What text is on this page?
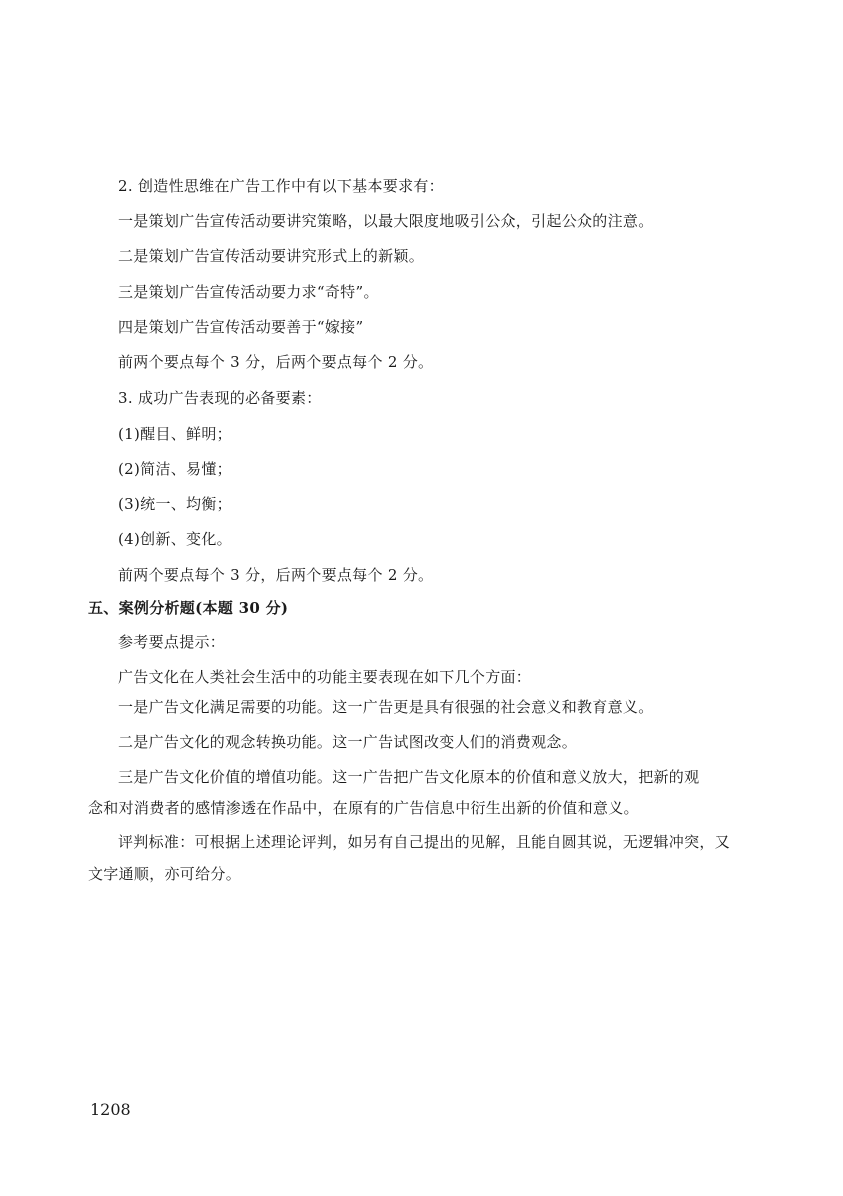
2. 创造性思维在广告工作中有以下基本要求有：
一是策划广告宣传活动要讲究策略，以最大限度地吸引公众，引起公众的注意。
二是策划广告宣传活动要讲究形式上的新颖。
三是策划广告宣传活动要力求“奇特”。
四是策划广告宣传活动要善于“嫁接”
前两个要点每个 3 分，后两个要点每个 2 分。
3. 成功广告表现的必备要素：
(1)醒目、鲜明；
(2)简洁、易懂；
(3)统一、均衡；
(4)创新、变化。
前两个要点每个 3 分，后两个要点每个 2 分。
五、案例分析题(本题 30 分)
参考要点提示：
广告文化在人类社会生活中的功能主要表现在如下几个方面：
一是广告文化满足需要的功能。这一广告更是具有很强的社会意义和教育意义。
二是广告文化的观念转换功能。这一广告试图改变人们的消费观念。
三是广告文化价值的增值功能。这一广告把广告文化原本的价值和意义放大，把新的观
念和对消费者的感情渗透在作品中，在原有的广告信息中衍生出新的价值和意义。
评判标准：可根据上述理论评判，如另有自己提出的见解，且能自圆其说，无逻辑冲突，又
文字通顺，亦可给分。
1208
